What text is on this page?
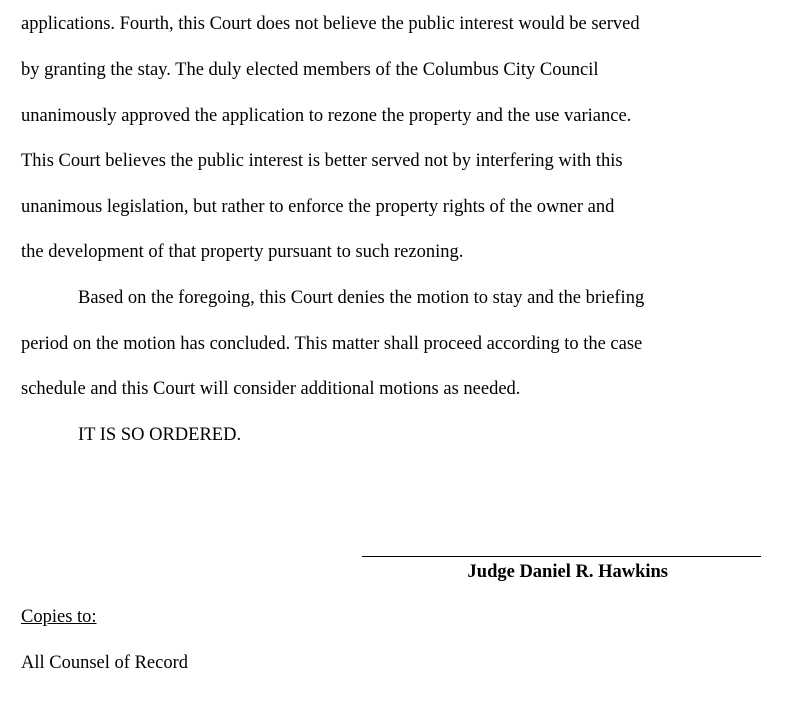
applications. Fourth, this Court does not believe the public interest would be served
by granting the stay. The duly elected members of the Columbus City Council
unanimously approved the application to rezone the property and the use variance.
This Court believes the public interest is better served not by interfering with this
unanimous legislation, but rather to enforce the property rights of the owner and
the development of that property pursuant to such rezoning.
Based on the foregoing, this Court denies the motion to stay and the briefing
period on the motion has concluded. This matter shall proceed according to the case
schedule and this Court will consider additional motions as needed.
IT IS SO ORDERED.
Judge Daniel R. Hawkins
Copies to:
All Counsel of Record
